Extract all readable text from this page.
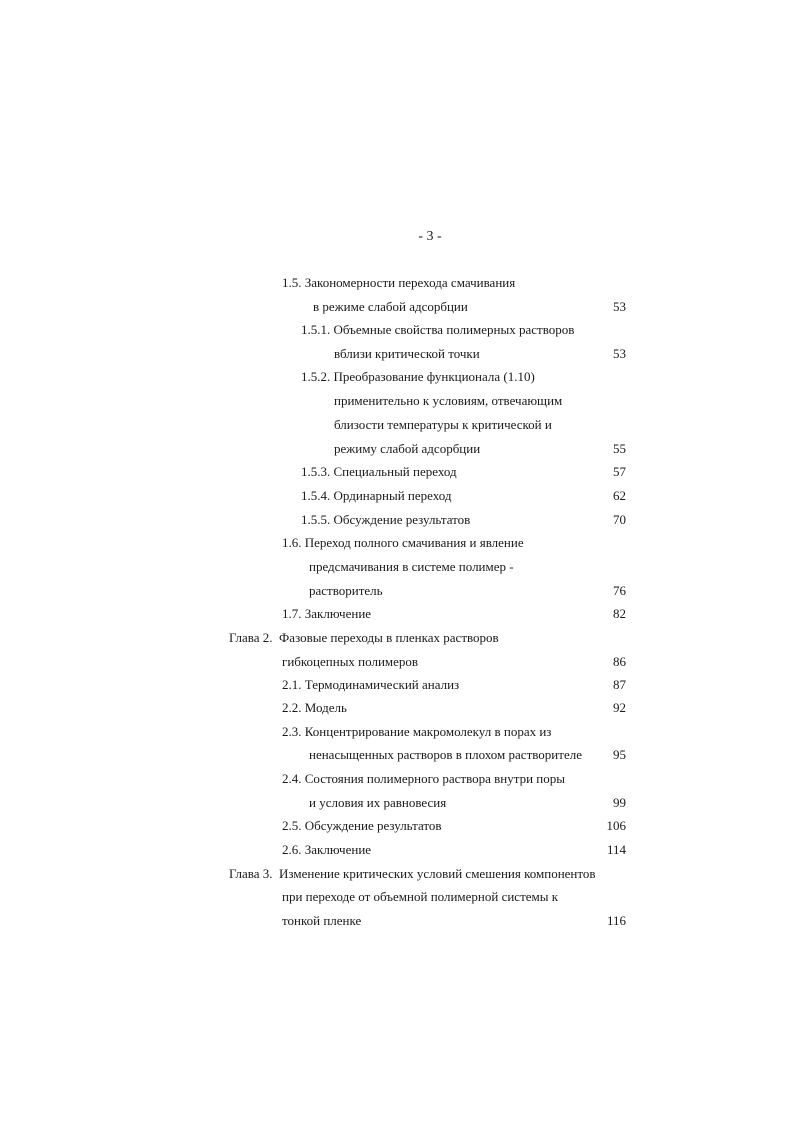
- 3 -
1.5. Закономерности перехода смачивания
в режиме слабой адсорбции	53
1.5.1. Объемные свойства полимерных растворов
вблизи критической точки	53
1.5.2. Преобразование функционала (1.10)
применительно к условиям, отвечающим
близости температуры к критической и
режиму слабой адсорбции	55
1.5.3. Специальный переход	57
1.5.4. Ординарный переход	62
1.5.5. Обсуждение результатов	70
1.6. Переход полного смачивания и явление
предсмачивания в системе полимер -
растворитель	76
1.7. Заключение	82
Глава 2.  Фазовые переходы в пленках растворов
гибкоцепных полимеров	86
2.1. Термодинамический анализ	87
2.2. Модель	92
2.3. Концентрирование макромолекул в порах из
ненасыщенных растворов в плохом растворителе	95
2.4. Состояния полимерного раствора внутри поры
и условия их равновесия	99
2.5. Обсуждение результатов	106
2.6. Заключение	114
Глава 3.  Изменение критических условий смешения компонентов
при переходе от объемной полимерной системы к
тонкой пленке	116
